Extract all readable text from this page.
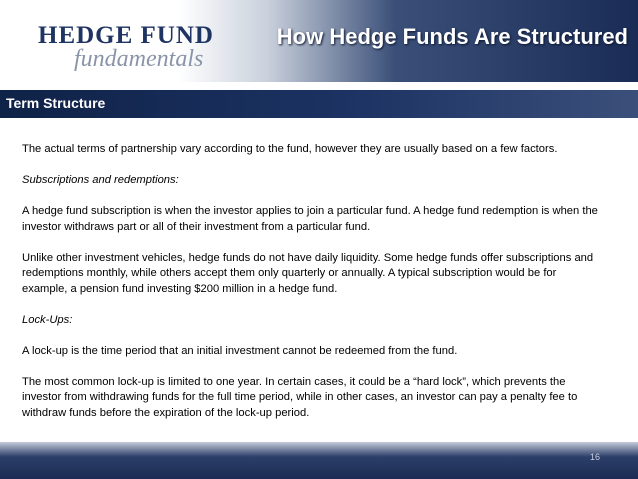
HEDGE FUND
fundamentals
How Hedge Funds Are Structured
Term Structure

The actual terms of partnership vary according to the fund, however they are usually based on a few factors.

Subscriptions and redemptions:

A hedge fund subscription is when the investor applies to join a particular fund. A hedge fund redemption is when the investor withdraws part or all of their investment from a particular fund.

Unlike other investment vehicles, hedge funds do not have daily liquidity. Some hedge funds offer subscriptions and redemptions monthly, while others accept them only quarterly or annually. A typical subscription would be for example, a pension fund investing $200 million in a hedge fund.

Lock-Ups:

A lock-up is the time period that an initial investment cannot be redeemed from the fund.

The most common lock-up is limited to one year. In certain cases, it could be a “hard lock”, which prevents the investor from withdrawing funds for the full time period, while in other cases, an investor can pay a penalty fee to withdraw funds before the expiration of the lock-up period.

16
